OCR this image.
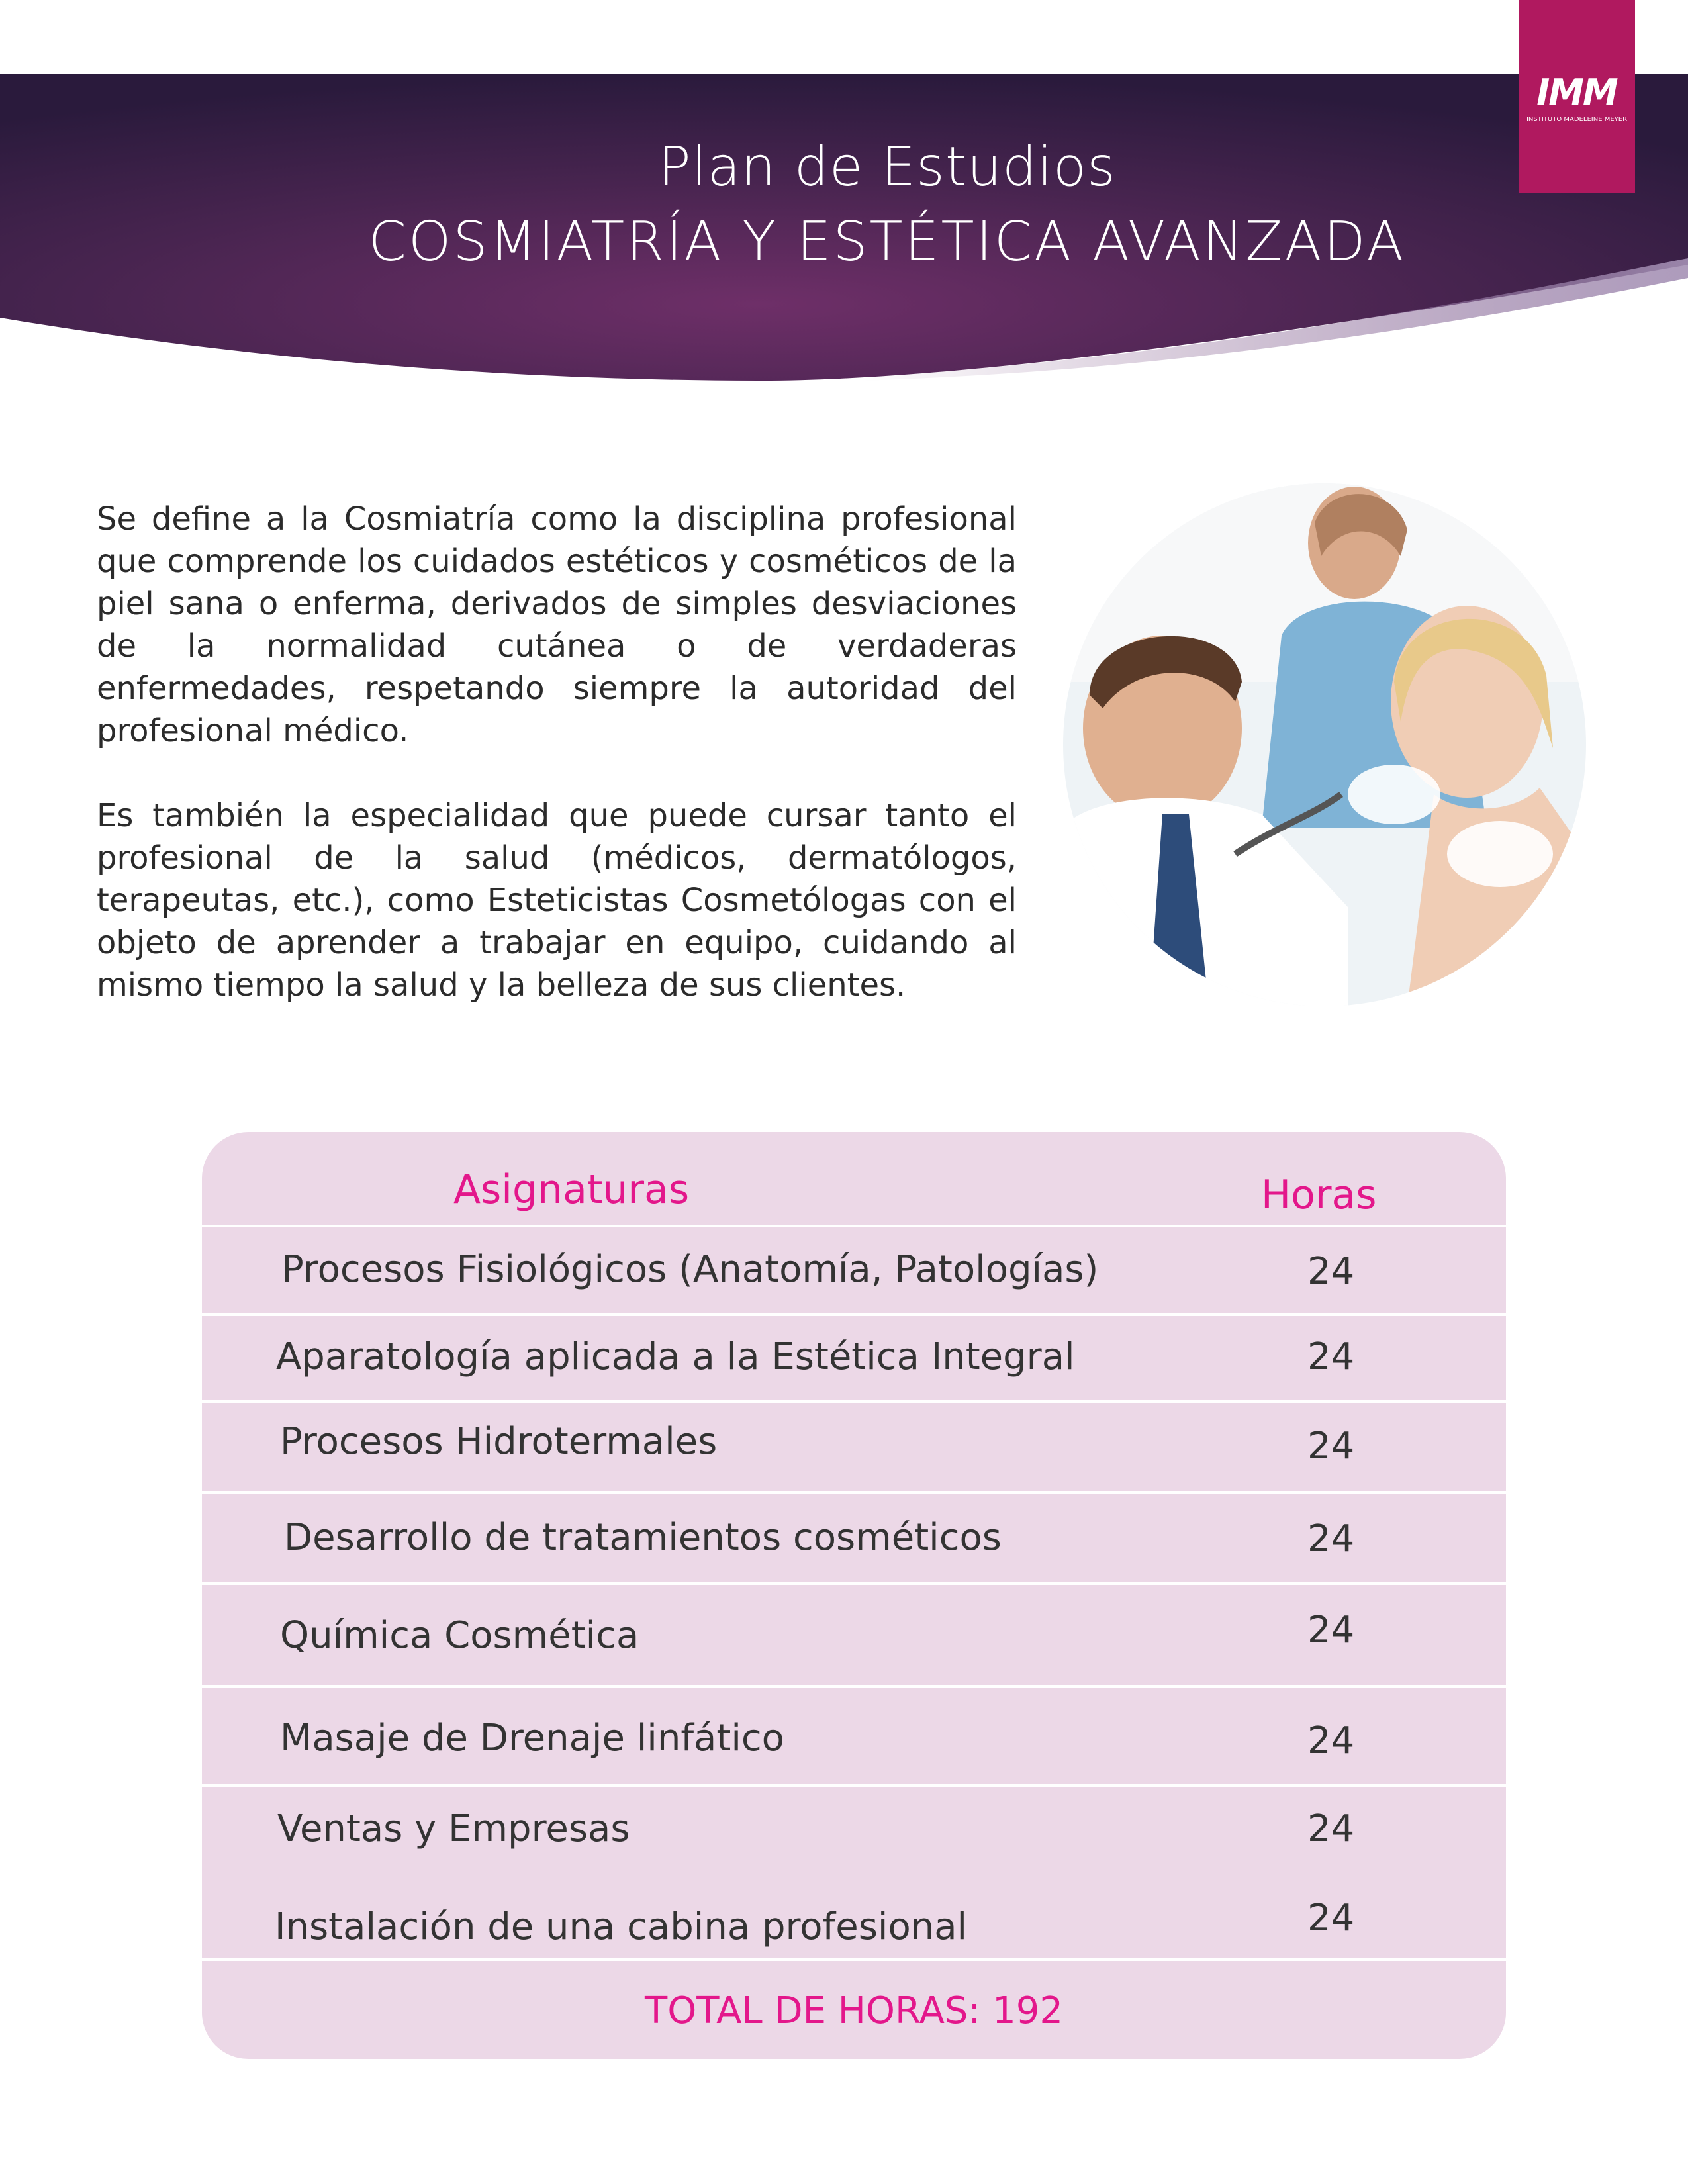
Plan de Estudios
COSMIATRÍA Y ESTÉTICA AVANZADA
IMM
INSTITUTO MADELEINE MEYER

Se define a la Cosmiatría como la disciplina profesional que comprende los cuidados estéticos y cosméticos de la piel sana o enferma, derivados de simples desviaciones de la normalidad cutánea o de verdaderas enfermedades, respetando siempre la autoridad del profesional médico.

Es también la especialidad que puede cursar tanto el profesional de la salud (médicos, dermatólogos, terapeutas, etc.), como Esteticistas Cosmetólogas con el objeto de aprender a trabajar en equipo, cuidando al mismo tiempo la salud y la belleza de sus clientes.

Asignaturas	Horas
Procesos Fisiológicos (Anatomía, Patologías)	24
Aparatología aplicada a la Estética Integral	24
Procesos Hidrotermales	24
Desarrollo de tratamientos cosméticos	24
Química Cosmética	24
Masaje de Drenaje linfático	24
Ventas y Empresas	24
Instalación de una cabina profesional	24
TOTAL DE HORAS: 192
